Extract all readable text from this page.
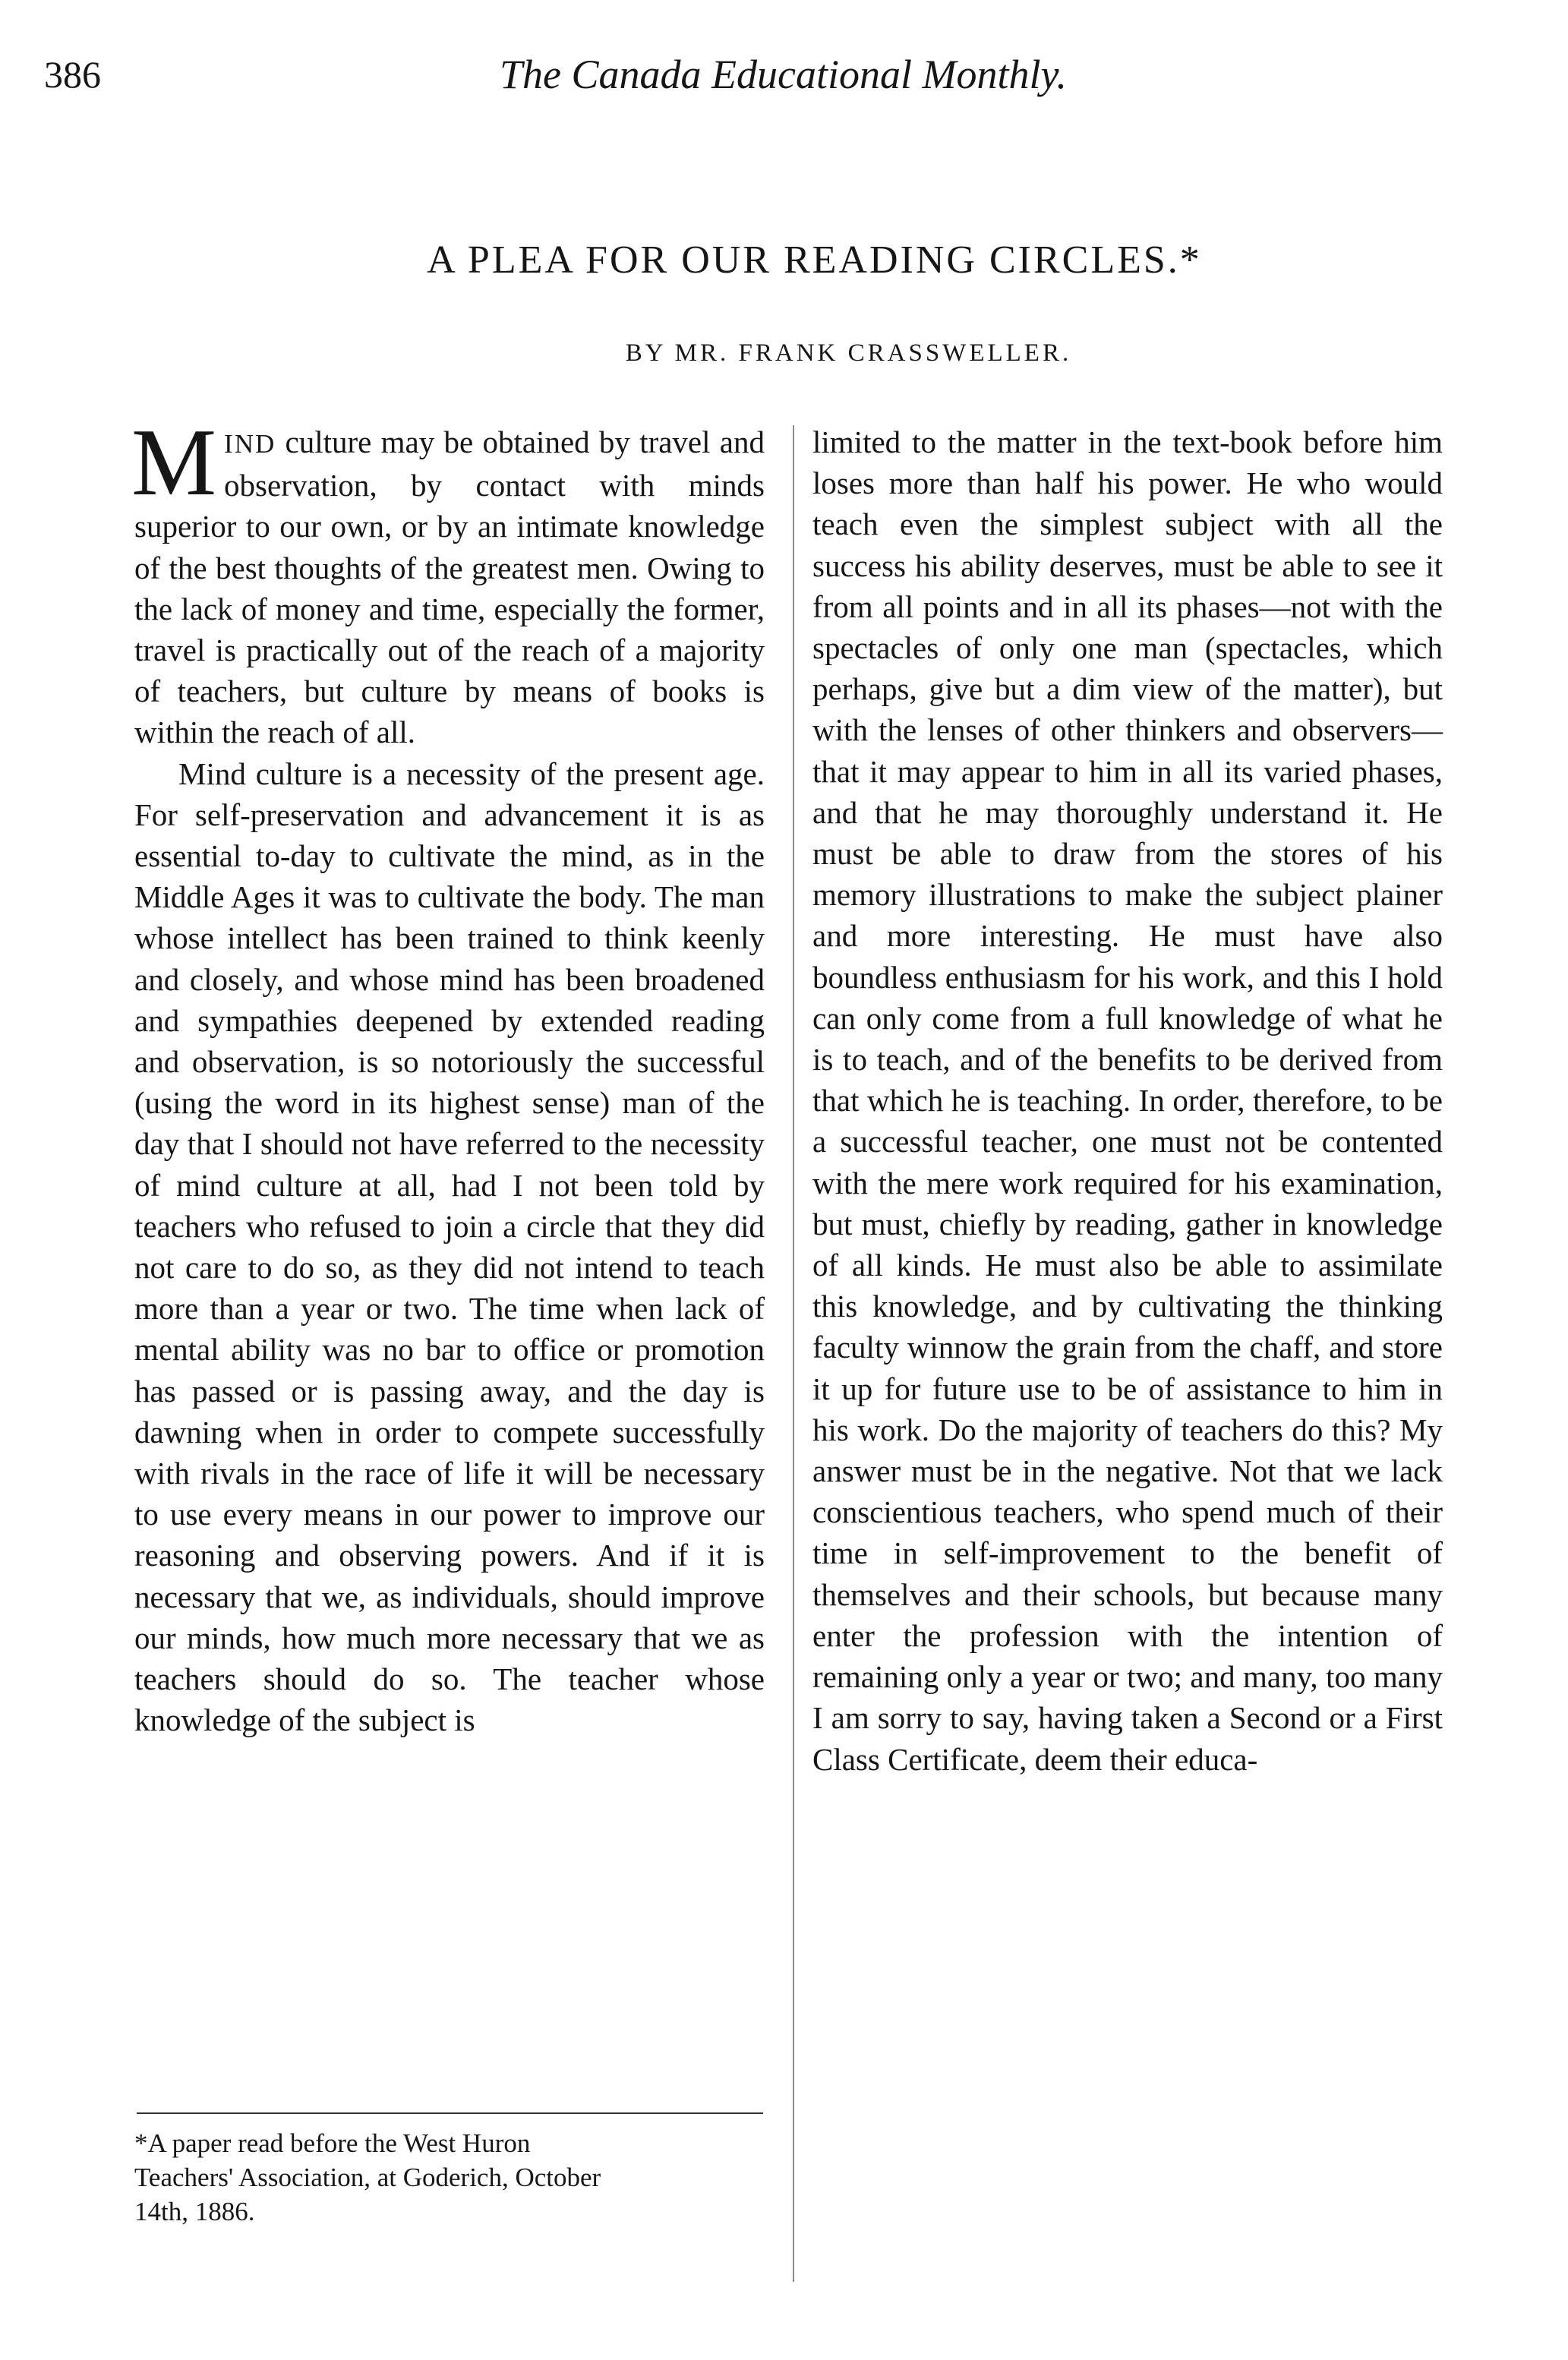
386	The Canada Educational Monthly.
A PLEA FOR OUR READING CIRCLES.*
BY MR. FRANK CRASSWELLER.

MIND culture may be obtained by travel and observation, by contact with minds superior to our own, or by an intimate knowledge of the best thoughts of the greatest men. Owing to the lack of money and time, especially the former, travel is practically out of the reach of a majority of teachers, but culture by means of books is within the reach of all.

Mind culture is a necessity of the present age. For self-preservation and advancement it is as essential to-day to cultivate the mind, as in the Middle Ages it was to cultivate the body. The man whose intellect has been trained to think keenly and closely, and whose mind has been broadened and sympathies deepened by extended reading and observation, is so notoriously the successful (using the word in its highest sense) man of the day that I should not have referred to the necessity of mind culture at all, had I not been told by teachers who refused to join a circle that they did not care to do so, as they did not intend to teach more than a year or two. The time when lack of mental ability was no bar to office or promotion has passed or is passing away, and the day is dawning when in order to compete successfully with rivals in the race of life it will be necessary to use every means in our power to improve our reasoning and observing powers. And if it is necessary that we, as individuals, should improve our minds, how much more necessary that we as teachers should do so. The teacher whose knowledge of the subject is

limited to the matter in the text-book before him loses more than half his power. He who would teach even the simplest subject with all the success his ability deserves, must be able to see it from all points and in all its phases—not with the spectacles of only one man (spectacles, which perhaps, give but a dim view of the matter), but with the lenses of other thinkers and observers—that it may appear to him in all its varied phases, and that he may thoroughly understand it. He must be able to draw from the stores of his memory illustrations to make the subject plainer and more interesting. He must have also boundless enthusiasm for his work, and this I hold can only come from a full knowledge of what he is to teach, and of the benefits to be derived from that which he is teaching. In order, therefore, to be a successful teacher, one must not be contented with the mere work required for his examination, but must, chiefly by reading, gather in knowledge of all kinds. He must also be able to assimilate this knowledge, and by cultivating the thinking faculty winnow the grain from the chaff, and store it up for future use to be of assistance to him in his work. Do the majority of teachers do this? My answer must be in the negative. Not that we lack conscientious teachers, who spend much of their time in self-improvement to the benefit of themselves and their schools, but because many enter the profession with the intention of remaining only a year or two; and many, too many I am sorry to say, having taken a Second or a First Class Certificate, deem their educa-

*A paper read before the West Huron
Teachers' Association, at Goderich, October
14th, 1886.
